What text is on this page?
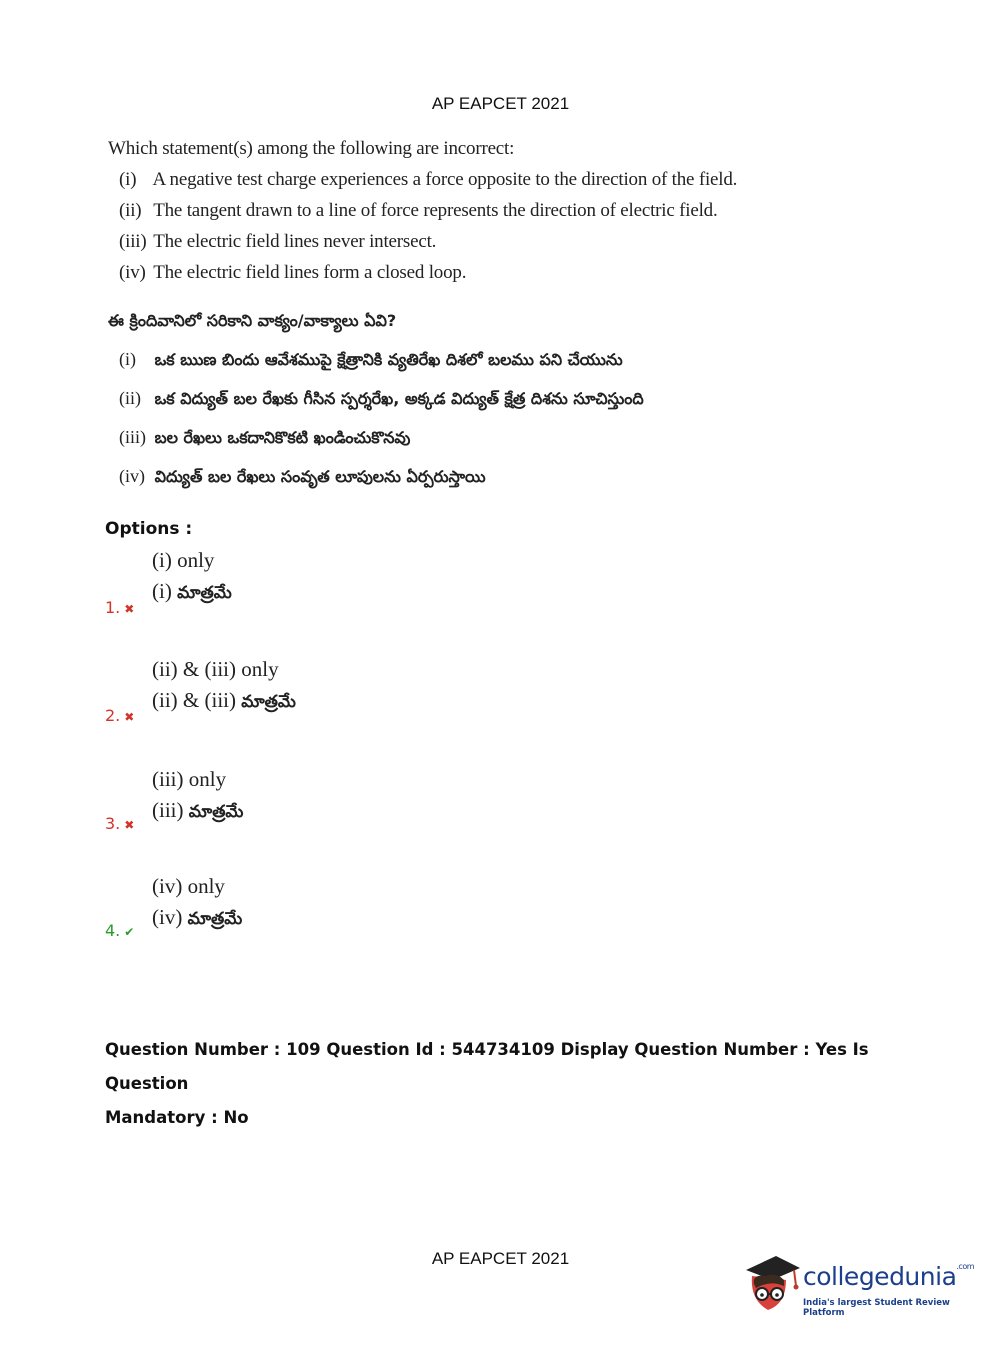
AP EAPCET 2021
Which statement(s) among the following are incorrect:
(i) A negative test charge experiences a force opposite to the direction of the field.
(ii) The tangent drawn to a line of force represents the direction of electric field.
(iii) The electric field lines never intersect.
(iv) The electric field lines form a closed loop.
ఈ క్రిందివానిలో సరికాని వాక్యం/వాక్యాలు ఏవి?
(i) ఒక ఋణ బిందు ఆవేశముపై క్షేత్రానికి వ్యతిరేఖ దిశలో బలము పని చేయును
(ii) ఒక విద్యుత్ బల రేఖకు గీసిన స్పర్శరేఖ, అక్కడ విద్యుత్ క్షేత్ర దిశను సూచిస్తుంది
(iii) బల రేఖలు ఒకదానికొకటి ఖండించుకొనవు
(iv) విద్యుత్ బల రేఖలు సంవృత లూపులను ఏర్పరుస్తాయి
Options :
1. ✖
(i) only
(i) మాత్రమే
2. ✖
(ii) & (iii) only
(ii) & (iii) మాత్రమే
3. ✖
(iii) only
(iii) మాత్రమే
4. ✔
(iv) only
(iv) మాత్రమే
Question Number : 109 Question Id : 544734109 Display Question Number : Yes Is Question
Mandatory : No
AP EAPCET 2021
collegedunia$^{.com}$
India's largest Student Review Platform
